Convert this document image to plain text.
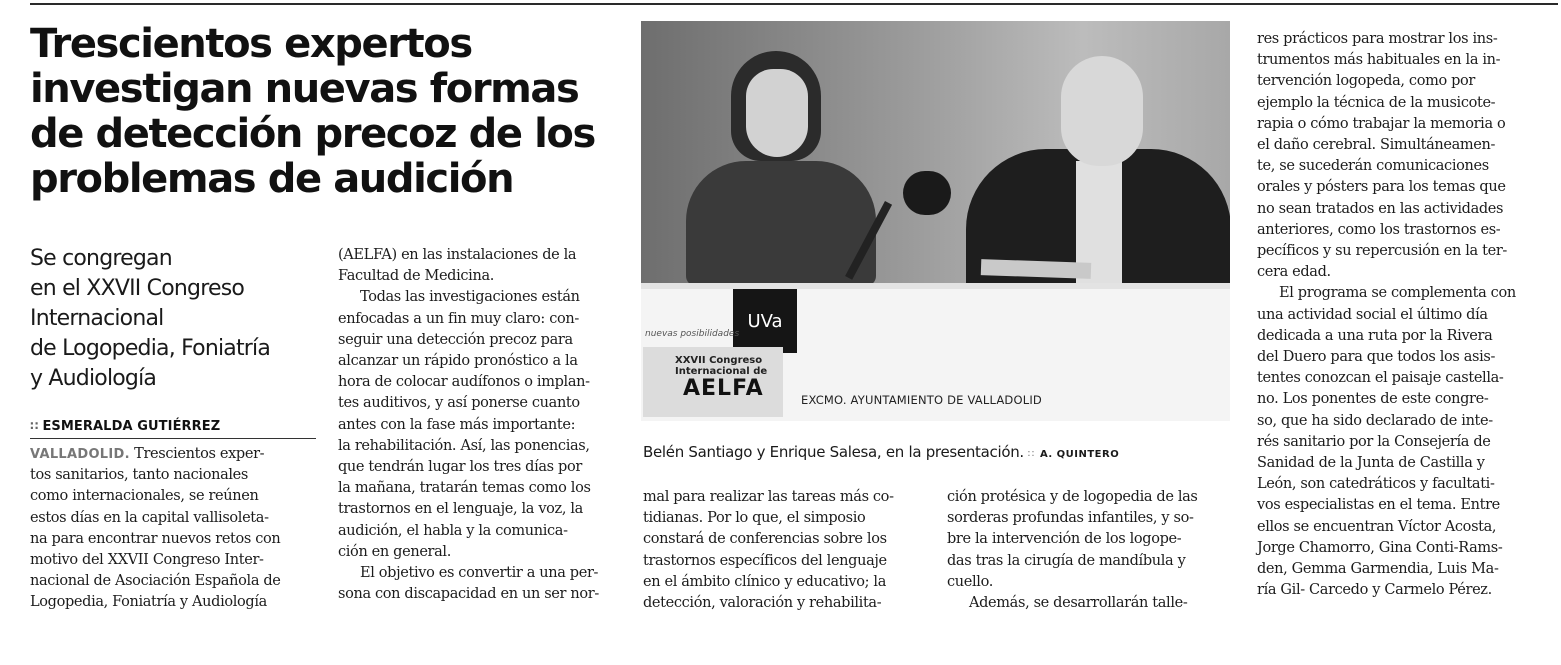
Trescientos expertos
investigan nuevas formas
de detección precoz de los
problemas de audición
Se congregan
en el XXVII Congreso
Internacional
de Logopedia, Foniatría
y Audiología
∷ ESMERALDA GUTIÉRREZ
VALLADOLID. Trescientos exper-
tos sanitarios, tanto nacionales
como internacionales, se reúnen
estos días en la capital vallisoleta-
na para encontrar nuevos retos con
motivo del XXVII Congreso Inter-
nacional de Asociación Española de
Logopedia, Foniatría y Audiología
(AELFA) en las instalaciones de la
Facultad de Medicina.
Todas las investigaciones están
enfocadas a un fin muy claro: con-
seguir una detección precoz para
alcanzar un rápido pronóstico a la
hora de colocar audífonos o implan-
tes auditivos, y así ponerse cuanto
antes con la fase más importante:
la rehabilitación. Así, las ponencias,
que tendrán lugar los tres días por
la mañana, tratarán temas como los
trastornos en el lenguaje, la voz, la
audición, el habla y la comunica-
ción en general.
El objetivo es convertir a una per-
sona con discapacidad en un ser nor-
UVa
nuevas posibilidades
XXVII Congreso
Internacional de
AELFA	EXCMO. AYUNTAMIENTO DE VALLADOLID
Belén Santiago y Enrique Salesa, en la presentación. ∷ A. QUINTERO
mal para realizar las tareas más co-
tidianas. Por lo que, el simposio
constará de conferencias sobre los
trastornos específicos del lenguaje
en el ámbito clínico y educativo; la
detección, valoración y rehabilita-
ción protésica y de logopedia de las
sorderas profundas infantiles, y so-
bre la intervención de los logope-
das tras la cirugía de mandíbula y
cuello.
Además, se desarrollarán talle-
res prácticos para mostrar los ins-
trumentos más habituales en la in-
tervención logopeda, como por
ejemplo la técnica de la musicote-
rapia o cómo trabajar la memoria o
el daño cerebral. Simultáneamen-
te, se sucederán comunicaciones
orales y pósters para los temas que
no sean tratados en las actividades
anteriores, como los trastornos es-
pecíficos y su repercusión en la ter-
cera edad.
El programa se complementa con
una actividad social el último día
dedicada a una ruta por la Rivera
del Duero para que todos los asis-
tentes conozcan el paisaje castella-
no. Los ponentes de este congre-
so, que ha sido declarado de inte-
rés sanitario por la Consejería de
Sanidad de la Junta de Castilla y
León, son catedráticos y facultati-
vos especialistas en el tema. Entre
ellos se encuentran Víctor Acosta,
Jorge Chamorro, Gina Conti-Rams-
den, Gemma Garmendia, Luis Ma-
ría Gil- Carcedo y Carmelo Pérez.
